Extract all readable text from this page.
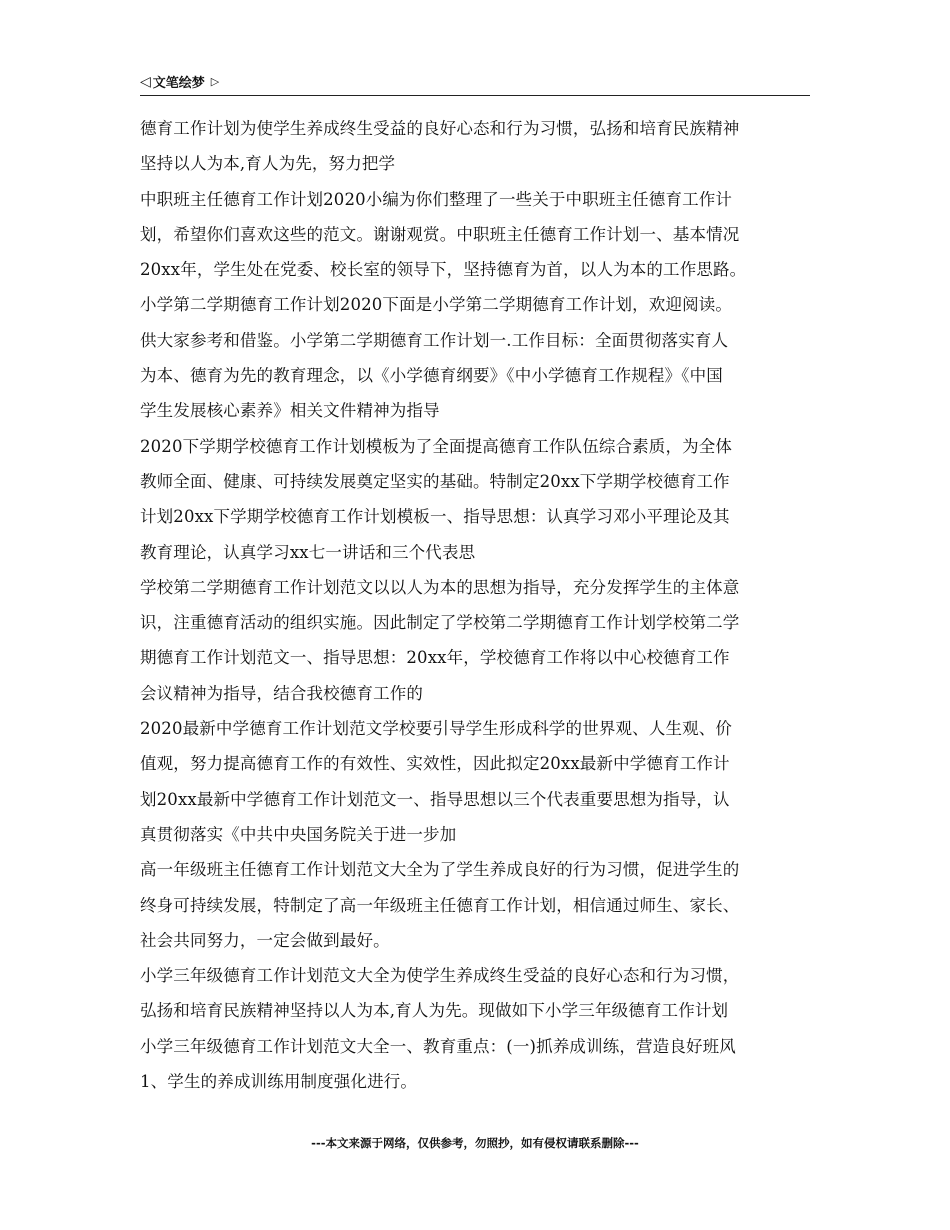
◁ 文笔绘梦 ▷

德育工作计划为使学生养成终生受益的良好心态和行为习惯，弘扬和培育民族精神
坚持以人为本,育人为先，努力把学

中职班主任德育工作计划2020小编为你们整理了一些关于中职班主任德育工作计
划，希望你们喜欢这些的范文。谢谢观赏。中职班主任德育工作计划一、基本情况
20xx年，学生处在党委、校长室的领导下，坚持德育为首，以人为本的工作思路。

小学第二学期德育工作计划2020下面是小学第二学期德育工作计划，欢迎阅读。
供大家参考和借鉴。小学第二学期德育工作计划一.工作目标：全面贯彻落实育人
为本、德育为先的教育理念，以《小学德育纲要》《中小学德育工作规程》《中国
学生发展核心素养》相关文件精神为指导

2020下学期学校德育工作计划模板为了全面提高德育工作队伍综合素质，为全体
教师全面、健康、可持续发展奠定坚实的基础。特制定20xx下学期学校德育工作
计划20xx下学期学校德育工作计划模板一、指导思想：认真学习邓小平理论及其
教育理论，认真学习xx七一讲话和三个代表思

学校第二学期德育工作计划范文以以人为本的思想为指导，充分发挥学生的主体意
识，注重德育活动的组织实施。因此制定了学校第二学期德育工作计划学校第二学
期德育工作计划范文一、指导思想：20xx年，学校德育工作将以中心校德育工作
会议精神为指导，结合我校德育工作的

2020最新中学德育工作计划范文学校要引导学生形成科学的世界观、人生观、价
值观，努力提高德育工作的有效性、实效性，因此拟定20xx最新中学德育工作计
划20xx最新中学德育工作计划范文一、指导思想以三个代表重要思想为指导，认
真贯彻落实《中共中央国务院关于进一步加

高一年级班主任德育工作计划范文大全为了学生养成良好的行为习惯，促进学生的
终身可持续发展，特制定了高一年级班主任德育工作计划，相信通过师生、家长、
社会共同努力，一定会做到最好。

小学三年级德育工作计划范文大全为使学生养成终生受益的良好心态和行为习惯，
弘扬和培育民族精神坚持以人为本,育人为先。现做如下小学三年级德育工作计划
小学三年级德育工作计划范文大全一、教育重点：(一)抓养成训练，营造良好班风
1、学生的养成训练用制度强化进行。

---本文来源于网络，仅供参考，勿照抄，如有侵权请联系删除---
